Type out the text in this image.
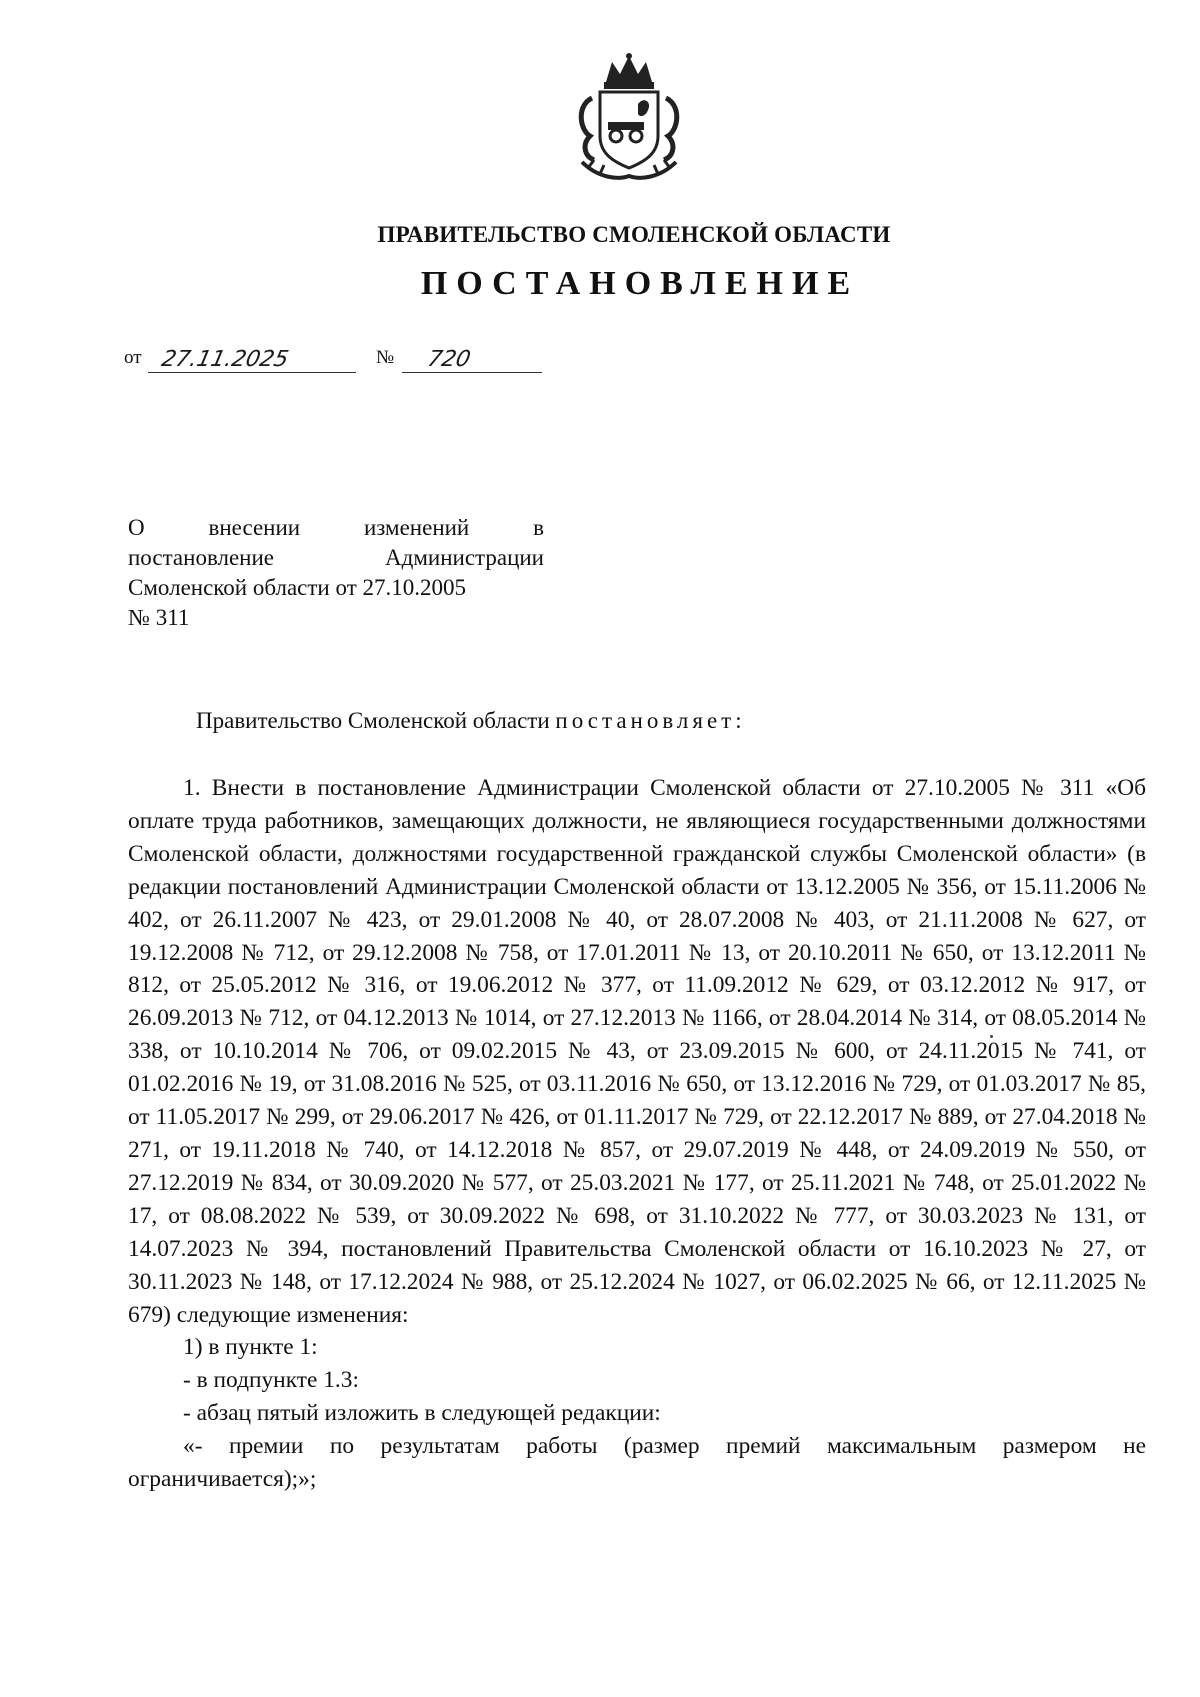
ПРАВИТЕЛЬСТВО СМОЛЕНСКОЙ ОБЛАСТИ
ПОСТАНОВЛЕНИЕ
от 27.11.2025	№ 720
О внесении изменений в
постановление Администрации
Смоленской области от 27.10.2005
№ 311
Правительство Смоленской области постановляет:

1. Внести в постановление Администрации Смоленской области от 27.10.2005 № 311 «Об оплате труда работников, замещающих должности, не являющиеся государственными должностями Смоленской области, должностями государственной гражданской службы Смоленской области» (в редакции постановлений Администрации Смоленской области от 13.12.2005 № 356, от 15.11.2006 № 402, от 26.11.2007 № 423, от 29.01.2008 № 40, от 28.07.2008 № 403, от 21.11.2008 № 627, от 19.12.2008 № 712, от 29.12.2008 № 758, от 17.01.2011 № 13, от 20.10.2011 № 650, от 13.12.2011 № 812, от 25.05.2012 № 316, от 19.06.2012 № 377, от 11.09.2012 № 629, от 03.12.2012 № 917, от 26.09.2013 № 712, от 04.12.2013 № 1014, от 27.12.2013 № 1166, от 28.04.2014 № 314, от 08.05.2014 № 338, от 10.10.2014 № 706, от 09.02.2015 № 43, от 23.09.2015 № 600, от 24.11.2015 № 741, от 01.02.2016 № 19, от 31.08.2016 № 525, от 03.11.2016 № 650, от 13.12.2016 № 729, от 01.03.2017 № 85, от 11.05.2017 № 299, от 29.06.2017 № 426, от 01.11.2017 № 729, от 22.12.2017 № 889, от 27.04.2018 № 271, от 19.11.2018 № 740, от 14.12.2018 № 857, от 29.07.2019 № 448, от 24.09.2019 № 550, от 27.12.2019 № 834, от 30.09.2020 № 577, от 25.03.2021 № 177, от 25.11.2021 № 748, от 25.01.2022 № 17, от 08.08.2022 № 539, от 30.09.2022 № 698, от 31.10.2022 № 777, от 30.03.2023 № 131, от 14.07.2023 № 394, постановлений Правительства Смоленской области от 16.10.2023 № 27, от 30.11.2023 № 148, от 17.12.2024 № 988, от 25.12.2024 № 1027, от 06.02.2025 № 66, от 12.11.2025 № 679) следующие изменения:

1) в пункте 1:

- в подпункте 1.3:

- абзац пятый изложить в следующей редакции:

«- премии по результатам работы (размер премий максимальным размером не ограничивается);»;
